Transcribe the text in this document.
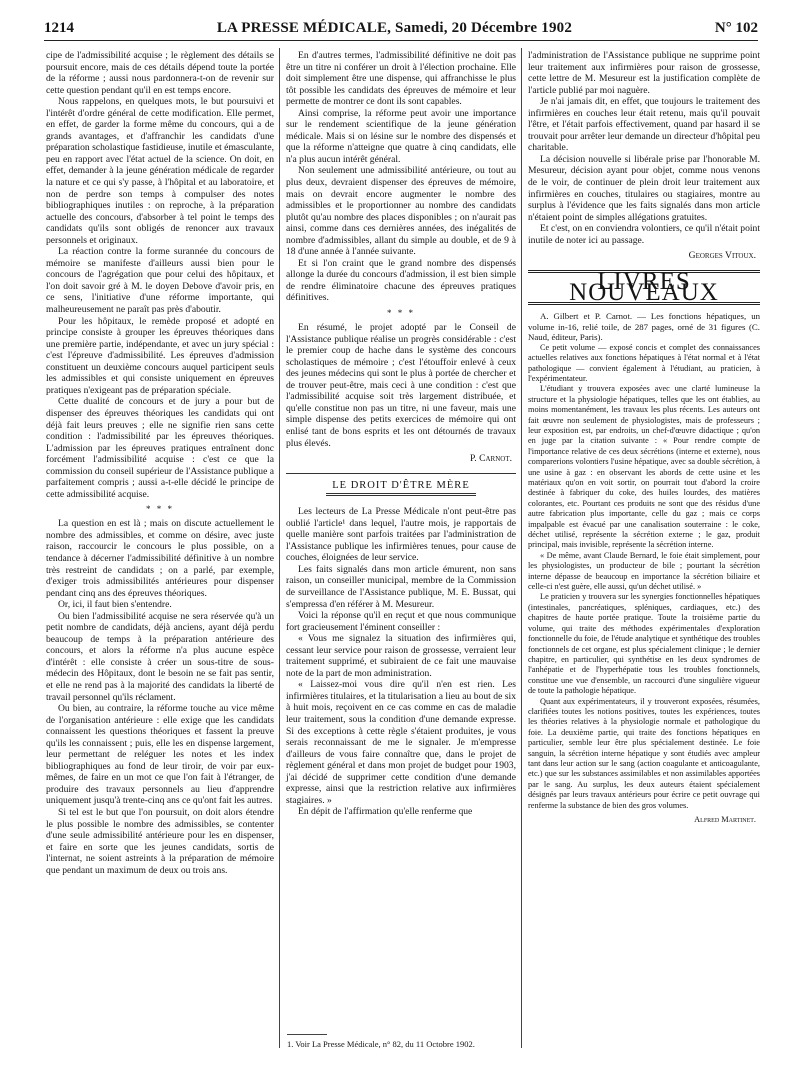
1214	LA PRESSE MÉDICALE, Samedi, 20 Décembre 1902	N° 102

cipe de l'admissibilité acquise ; le règlement des détails se poursuit encore, mais de ces détails dépend toute la portée de la réforme ; aussi nous pardonnera-t-on de revenir sur cette question pendant qu'il en est temps encore.

Nous rappelons, en quelques mots, le but poursuivi et l'intérêt d'ordre général de cette modification. Elle permet, en effet, de garder la forme même du concours, qui a de grands avantages, et d'affranchir les candidats d'une préparation scholastique fastidieuse, inutile et émasculante, peu en rapport avec l'état actuel de la science. On doit, en effet, demander à la jeune génération médicale de regarder la nature et ce qui s'y passe, à l'hôpital et au laboratoire, et non de perdre son temps à compulser des notes bibliographiques inutiles : on reproche, à la préparation actuelle des concours, d'absorber à tel point le temps des candidats qu'ils sont obligés de renoncer aux travaux personnels et originaux.

La réaction contre la forme surannée du concours de mémoire se manifeste d'ailleurs aussi bien pour le concours de l'agrégation que pour celui des hôpitaux, et l'on doit savoir gré à M. le doyen Debove d'avoir pris, en ce sens, l'initiative d'une réforme importante, qui malheureusement ne paraît pas près d'aboutir.

Pour les hôpitaux, le remède proposé et adopté en principe consiste à grouper les épreuves théoriques dans une première partie, indépendante, et avec un jury spécial : c'est l'épreuve d'admissibilité. Les épreuves d'admission constituent un deuxième concours auquel participent seuls les admissibles et qui consiste uniquement en épreuves pratiques n'exigeant pas de préparation spéciale.

Cette dualité de concours et de jury a pour but de dispenser des épreuves théoriques les candidats qui ont déjà fait leurs preuves ; elle ne signifie rien sans cette condition : l'admissibilité par les épreuves théoriques. L'admission par les épreuves pratiques entraînent donc forcément l'admissibilité acquise : c'est ce que la commission du conseil supérieur de l'Assistance publique a parfaitement compris ; aussi a-t-elle décidé le principe de cette admissibilité acquise.

* * *

La question en est là ; mais on discute actuellement le nombre des admissibles, et comme on désire, avec juste raison, raccourcir le concours le plus possible, on a tendance à décerner l'admissibilité définitive à un nombre très restreint de candidats ; on a parlé, par exemple, d'exiger trois admissibilités antérieures pour dispenser pendant cinq ans des épreuves théoriques.

Or, ici, il faut bien s'entendre.

Ou bien l'admissibilité acquise ne sera réservée qu'à un petit nombre de candidats, déjà anciens, ayant déjà perdu beaucoup de temps à la préparation antérieure des concours, et alors la réforme n'a plus aucune espèce d'intérêt : elle consiste à créer un sous-titre de sous-médecin des Hôpitaux, dont le besoin ne se fait pas sentir, et elle ne rend pas à la majorité des candidats la liberté de travail personnel qu'ils réclament.

Ou bien, au contraire, la réforme touche au vice même de l'organisation antérieure : elle exige que les candidats connaissent les questions théoriques et fassent la preuve qu'ils les connaissent ; puis, elle les en dispense largement, leur permettant de reléguer les notes et les index bibliographiques au fond de leur tiroir, de voir par eux-mêmes, de faire en un mot ce que l'on fait à l'étranger, de produire des travaux personnels au lieu d'apprendre uniquement jusqu'à trente-cinq ans ce qu'ont fait les autres.

Si tel est le but que l'on poursuit, on doit alors étendre le plus possible le nombre des admissibles, se contenter d'une seule admissibilité antérieure pour les en dispenser, et faire en sorte que les jeunes candidats, sortis de l'internat, ne soient astreints à la préparation de mémoire que pendant un maximum de deux ou trois ans.

En d'autres termes, l'admissibilité définitive ne doit pas être un titre ni conférer un droit à l'élection prochaine. Elle doit simplement être une dispense, qui affranchisse le plus tôt possible les candidats des épreuves de mémoire et leur permette de montrer ce dont ils sont capables.

Ainsi comprise, la réforme peut avoir une importance sur le rendement scientifique de la jeune génération médicale. Mais si on lésine sur le nombre des dispensés et que la réforme n'atteigne que quatre à cinq candidats, elle n'a plus aucun intérêt général.

Non seulement une admissibilité antérieure, ou tout au plus deux, devraient dispenser des épreuves de mémoire, mais on devrait encore augmenter le nombre des admissibles et le proportionner au nombre des candidats plutôt qu'au nombre des places disponibles ; on n'aurait pas ainsi, comme dans ces dernières années, des inégalités de nombre d'admissibles, allant du simple au double, et de 9 à 18 d'une année à l'année suivante.

Et si l'on craint que le grand nombre des dispensés allonge la durée du concours d'admission, il est bien simple de rendre éliminatoire chacune des épreuves pratiques définitives.

* * *

En résumé, le projet adopté par le Conseil de l'Assistance publique réalise un progrès considérable : c'est le premier coup de hache dans le système des concours scholastiques de mémoire ; c'est l'étouffoir enlevé à ceux des jeunes médecins qui sont le plus à portée de chercher et de trouver peut-être, mais ceci à une condition : c'est que l'admissibilité acquise soit très largement distribuée, et qu'elle constitue non pas un titre, ni une faveur, mais une simple dispense des petits exercices de mémoire qui ont enlisé tant de bons esprits et les ont détournés de travaux plus élevés.

P. Carnot.
LE DROIT D'ÊTRE MÈRE

Les lecteurs de La Presse Médicale n'ont peut-être pas oublié l'article¹ dans lequel, l'autre mois, je rapportais de quelle manière sont parfois traitées par l'administration de l'Assistance publique les infirmières tenues, pour cause de couches, éloignées de leur service.

Les faits signalés dans mon article émurent, non sans raison, un conseiller municipal, membre de la Commission de surveillance de l'Assistance publique, M. E. Bussat, qui s'empressa d'en référer à M. Mesureur.

Voici la réponse qu'il en reçut et que nous communique fort gracieusement l'éminent conseiller :

« Vous me signalez la situation des infirmières qui, cessant leur service pour raison de grossesse, verraient leur traitement supprimé, et subiraient de ce fait une mauvaise note de la part de mon administration.

« Laissez-moi vous dire qu'il n'en est rien. Les infirmières titulaires, et la titularisation a lieu au bout de six à huit mois, reçoivent en ce cas comme en cas de maladie leur traitement, sous la condition d'une demande expresse. Si des exceptions à cette règle s'étaient produites, je vous serais reconnaissant de me le signaler. Je m'empresse d'ailleurs de vous faire connaître que, dans le projet de règlement général et dans mon projet de budget pour 1903, j'ai décidé de supprimer cette condition d'une demande expresse, ainsi que la restriction relative aux infirmières stagiaires. »

En dépit de l'affirmation qu'elle renferme que

1. Voir La Presse Médicale, n° 82, du 11 Octobre 1902.

l'administration de l'Assistance publique ne supprime point leur traitement aux infirmières pour raison de grossesse, cette lettre de M. Mesureur est la justification complète de l'article publié par moi naguère.

Je n'ai jamais dit, en effet, que toujours le traitement des infirmières en couches leur était retenu, mais qu'il pouvait l'être, et l'était parfois effectivement, quand par hasard il se trouvait pour arrêter leur demande un directeur d'hôpital peu charitable.

La décision nouvelle si libérale prise par l'honorable M. Mesureur, décision ayant pour objet, comme nous venons de le voir, de continuer de plein droit leur traitement aux infirmières en couches, titulaires ou stagiaires, montre au surplus à l'évidence que les faits signalés dans mon article n'étaient point de simples allégations gratuites.

Et c'est, on en conviendra volontiers, ce qu'il n'était point inutile de noter ici au passage.

Georges Vitoux.
LIVRES NOUVEAUX

A. Gilbert et P. Carnot. — Les fonctions hépatiques, un volume in-16, relié toile, de 287 pages, orné de 31 figures (C. Naud, éditeur, Paris).

Ce petit volume — exposé concis et complet des connaissances actuelles relatives aux fonctions hépatiques à l'état normal et à l'état pathologique — convient également à l'étudiant, au praticien, à l'expérimentateur.

L'étudiant y trouvera exposées avec une clarté lumineuse la structure et la physiologie hépatiques, telles que les ont établies, au moins momentanément, les travaux les plus récents. Les auteurs ont fait œuvre non seulement de physiologistes, mais de professeurs ; leur exposition est, par endroits, un chef-d'œuvre didactique ; qu'on en juge par la citation suivante : « Pour rendre compte de l'importance relative de ces deux sécrétions (interne et externe), nous comparerions volontiers l'usine hépatique, avec sa double sécrétion, à une usine à gaz : en observant les abords de cette usine et les matériaux qu'on en voit sortir, on pourrait tout d'abord la croire destinée à fabriquer du coke, des huiles lourdes, des matières colorantes, etc. Pourtant ces produits ne sont que des résidus d'une autre fabrication plus importante, celle du gaz ; mais ce corps impalpable est évacué par une canalisation souterraine : le coke, déchet utilisé, représente la sécrétion externe ; le gaz, produit principal, mais invisible, représente la sécrétion interne.

« De même, avant Claude Bernard, le foie était simplement, pour les physiologistes, un producteur de bile ; pourtant la sécrétion interne dépasse de beaucoup en importance la sécrétion biliaire et celle-ci n'est guère, elle aussi, qu'un déchet utilisé. »

Le praticien y trouvera sur les synergies fonctionnelles hépatiques (intestinales, pancréatiques, spléniques, cardiaques, etc.) des chapitres de haute portée pratique. Toute la troisième partie du volume, qui traite des méthodes expérimentales d'exploration fonctionnelle du foie, de l'étude analytique et synthétique des troubles fonctionnels de cet organe, est plus spécialement clinique ; le dernier chapitre, en particulier, qui synthétise en les deux syndromes de l'anhépatie et de l'hyperhépatie tous les troubles fonctionnels, constitue une vue d'ensemble, un raccourci d'une singulière vigueur de toute la pathologie hépatique.

Quant aux expérimentateurs, il y trouveront exposées, résumées, clarifiées toutes les notions positives, toutes les expériences, toutes les théories relatives à la physiologie normale et pathologique du foie. La deuxième partie, qui traite des fonctions hépatiques en particulier, semble leur être plus spécialement destinée. Le foie sanguin, la sécrétion interne hépatique y sont étudiés avec ampleur tant dans leur action sur le sang (action coagulante et anticoagulante, etc.) que sur les substances assimilables et non assimilables apportées par le sang. Au surplus, les deux auteurs étaient spécialement désignés par leurs travaux antérieurs pour écrire ce petit ouvrage qui renferme la substance de bien des gros volumes.

Alfred Martinet.
